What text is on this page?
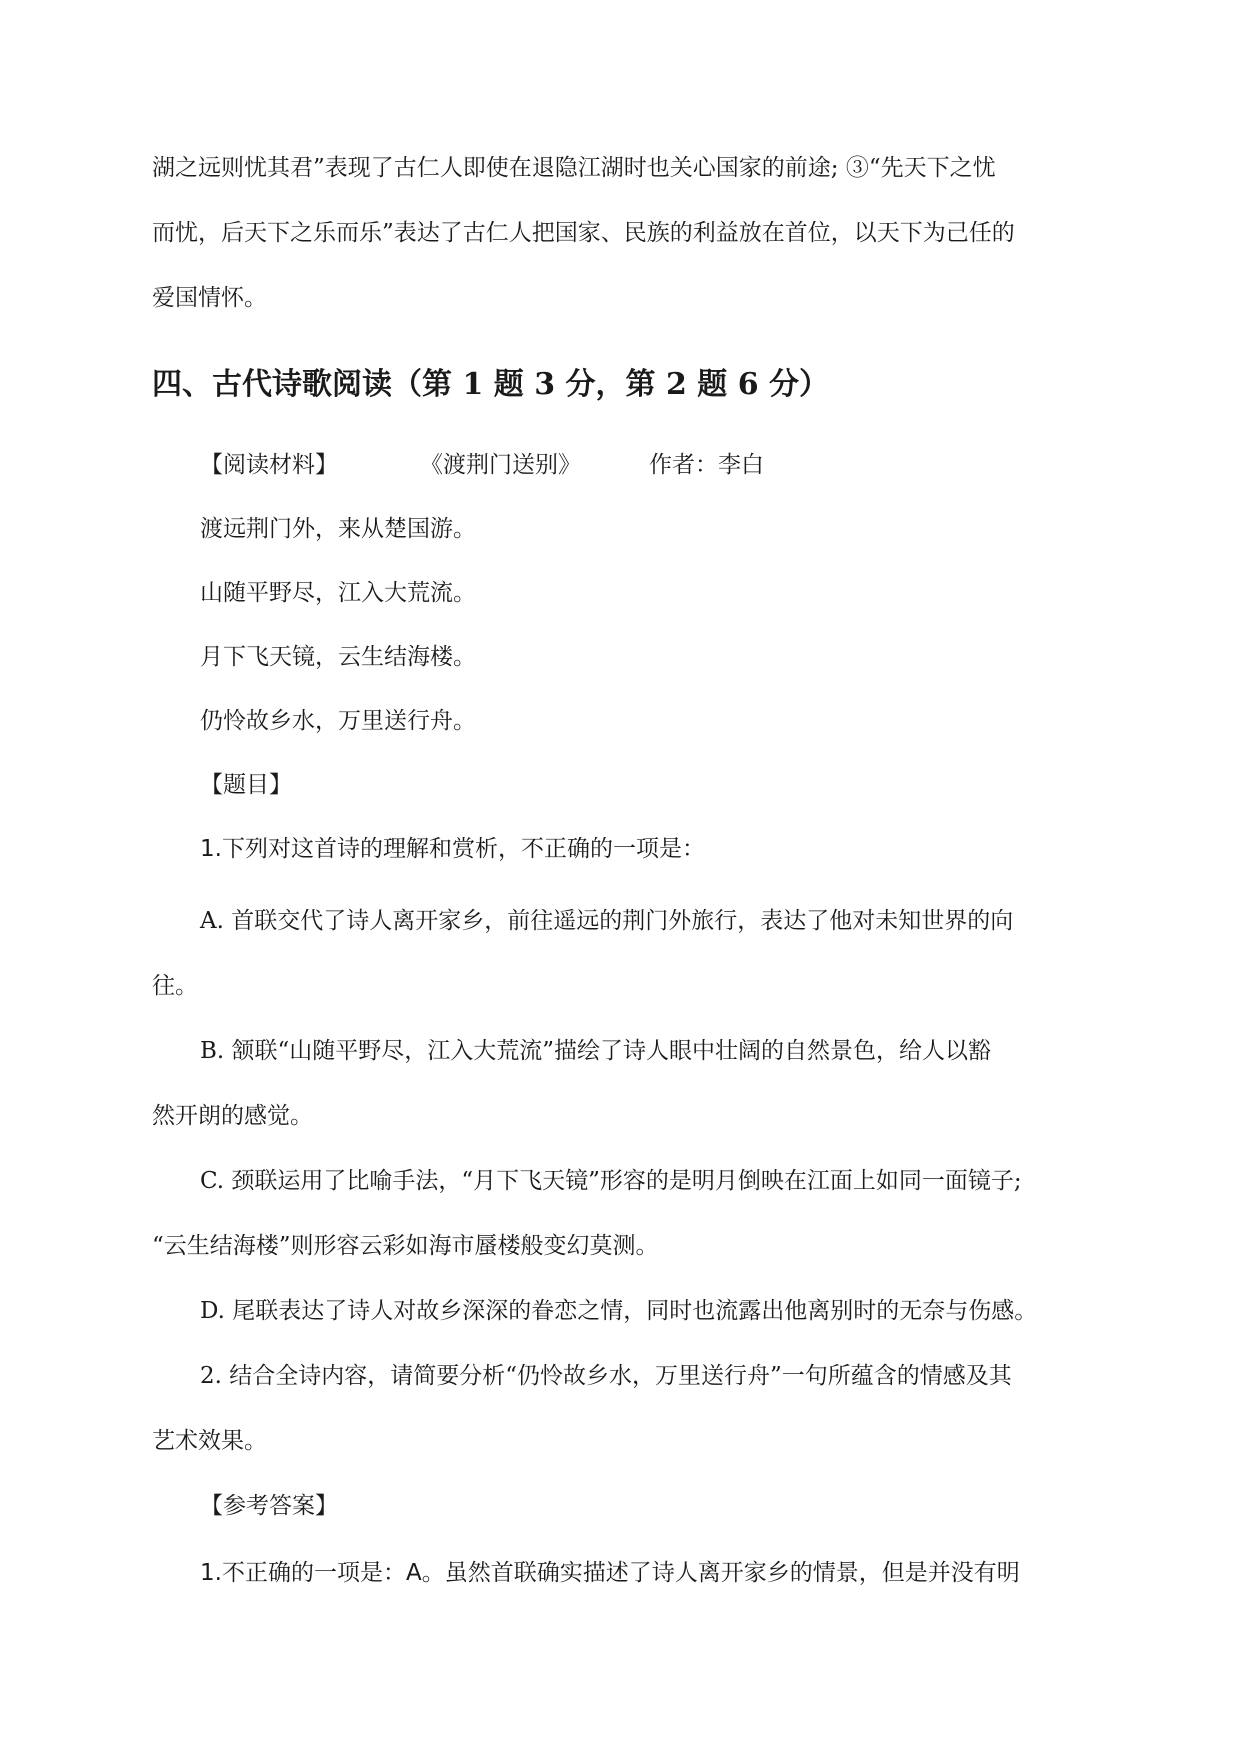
湖之远则忧其君”表现了古仁人即使在退隐江湖时也关心国家的前途; ③“先天下之忧
而忧，后天下之乐而乐”表达了古仁人把国家、民族的利益放在首位，以天下为己任的
爱国情怀。
四、古代诗歌阅读（第 1 题 3 分，第 2 题 6 分）
【阅读材料】	《渡荆门送别》	作者：李白
渡远荆门外，来从楚国游。
山随平野尽，江入大荒流。
月下飞天镜，云生结海楼。
仍怜故乡水，万里送行舟。
【题目】
1.下列对这首诗的理解和赏析，不正确的一项是：
A. 首联交代了诗人离开家乡，前往遥远的荆门外旅行，表达了他对未知世界的向
往。
B. 颔联“山随平野尽，江入大荒流”描绘了诗人眼中壮阔的自然景色，给人以豁
然开朗的感觉。
C. 颈联运用了比喻手法，“月下飞天镜”形容的是明月倒映在江面上如同一面镜子;
“云生结海楼”则形容云彩如海市蜃楼般变幻莫测。
D. 尾联表达了诗人对故乡深深的眷恋之情，同时也流露出他离别时的无奈与伤感。
2. 结合全诗内容，请简要分析“仍怜故乡水，万里送行舟”一句所蕴含的情感及其
艺术效果。
【参考答案】
1.不正确的一项是：A。虽然首联确实描述了诗人离开家乡的情景，但是并没有明
